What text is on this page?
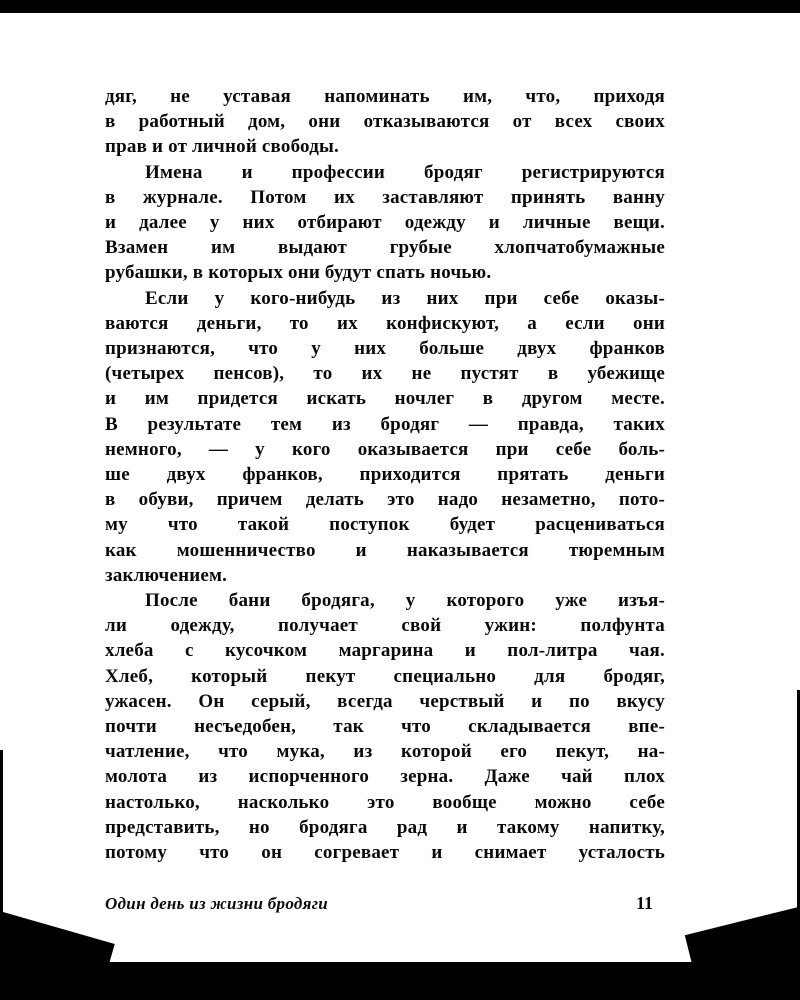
дяг, не уставая напоминать им, что, приходя
в работный дом, они отказываются от всех своих
прав и от личной свободы.
Имена и профессии бродяг регистрируются
в журнале. Потом их заставляют принять ванну
и далее у них отбирают одежду и личные вещи.
Взамен им выдают грубые хлопчатобумажные
рубашки, в которых они будут спать ночью.
Если у кого-нибудь из них при себе оказы-
ваются деньги, то их конфискуют, а если они
признаются, что у них больше двух франков
(четырех пенсов), то их не пустят в убежище
и им придется искать ночлег в другом месте.
В результате тем из бродяг — правда, таких
немного, — у кого оказывается при себе боль-
ше двух франков, приходится прятать деньги
в обуви, причем делать это надо незаметно, пото-
му что такой поступок будет расцениваться
как мошенничество и наказывается тюремным
заключением.
После бани бродяга, у которого уже изъя-
ли одежду, получает свой ужин: полфунта
хлеба с кусочком маргарина и пол-литра чая.
Хлеб, который пекут специально для бродяг,
ужасен. Он серый, всегда черствый и по вкусу
почти несъедобен, так что складывается впе-
чатление, что мука, из которой его пекут, на-
молота из испорченного зерна. Даже чай плох
настолько, насколько это вообще можно себе
представить, но бродяга рад и такому напитку,
потому что он согревает и снимает усталость
Один день из жизни бродяги	11
